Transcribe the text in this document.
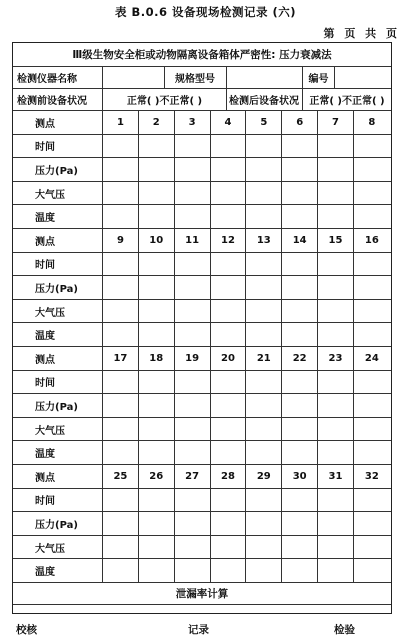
表 B.0.6 设备现场检测记录 (六)
第 页 共 页
Ⅲ级生物安全柜或动物隔离设备箱体严密性: 压力衰减法
检测仪器名称	规格型号	编号
检测前设备状况	正常( )不正常( )	检测后设备状况	正常( )不正常( )
测点	1	2	3	4	5	6	7	8
时间
压力(Pa)
大气压
温度
测点	9	10	11	12	13	14	15	16
时间
压力(Pa)
大气压
温度
测点	17	18	19	20	21	22	23	24
时间
压力(Pa)
大气压
温度
测点	25	26	27	28	29	30	31	32
时间
压力(Pa)
大气压
温度
泄漏率计算
校核	记录	检验
